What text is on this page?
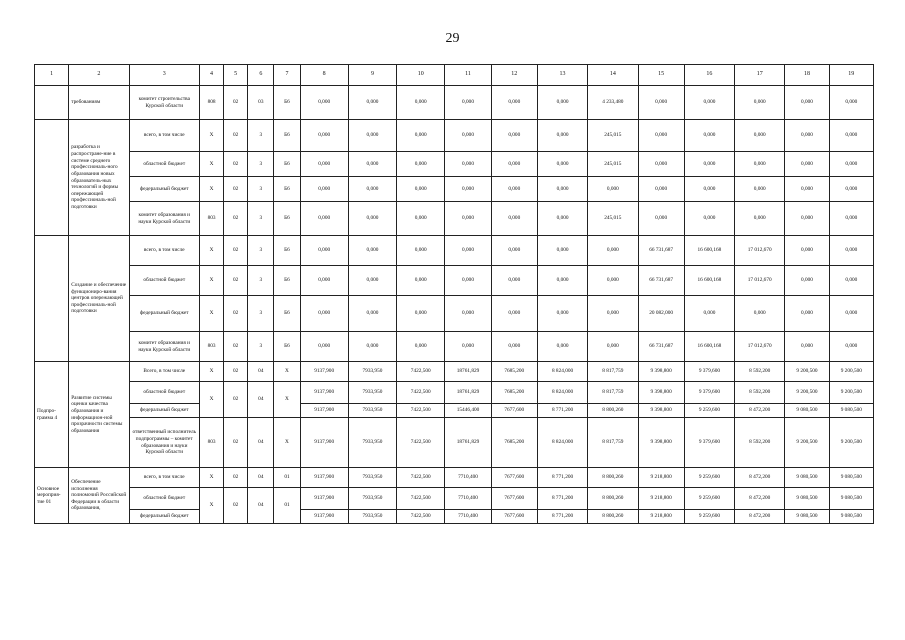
29
1	2	3	4	5	6	7	8	9	10	11	12	13	14	15	16	17	18	19
	требованиям	комитет строительства Курской области	808	02	03	Б6	0,000	0,000	0,000	0,000	0,000	0,000	4 233,480	0,000	0,000	0,000	0,000	0,000
	разработка и распростране-ние в системе среднего профессиональ-ного образования новых образователь-ных технологий и формы опережающей профессиональ-ной подготовки	всего, в том числе	Х	02	3	Б6	0,000	0,000	0,000	0,000	0,000	0,000	245,015	0,000	0,000	0,000	0,000	0,000
		областной бюджет	Х	02	3	Б6	0,000	0,000	0,000	0,000	0,000	0,000	245,015	0,000	0,000	0,000	0,000	0,000
		федеральный бюджет	Х	02	3	Б6	0,000	0,000	0,000	0,000	0,000	0,000	0,000	0,000	0,000	0,000	0,000	0,000
		комитет образования и науки Курской области	803	02	3	Б6	0,000	0,000	0,000	0,000	0,000	0,000	245,015	0,000	0,000	0,000	0,000	0,000
	Создание и обеспечение функциониро-вания центров опережающей профессиональ-ной подготовки	всего, в том числе	Х	02	3	Б6	0,000	0,000	0,000	0,000	0,000	0,000	0,000	66 731,687	16 600,168	17 012,670	0,000	0,000
		областной бюджет	Х	02	3	Б6	0,000	0,000	0,000	0,000	0,000	0,000	0,000	66 731,687	16 600,168	17 012,670	0,000	0,000
		федеральный бюджет	Х	02	3	Б6	0,000	0,000	0,000	0,000	0,000	0,000	0,000	20 082,000	0,000	0,000	0,000	0,000
		комитет образования и науки Курской области	803	02	3	Б6	0,000	0,000	0,000	0,000	0,000	0,000	0,000	66 731,687	16 600,168	17 012,670	0,000	0,000
Подпро-грамма 4	Развитие системы оценки качества образования и информацион-ной прозрачности системы образования	Всего, в том числе	Х	02	04	Х	9137,900	7933,950	7422,500	18761,829	7685,200	8 824,000	8 817,759	9 398,800	9 379,600	8 592,200	9 200,500	9 200,500
		областной бюджет	Х	02	04	Х	9137,900	7933,950	7422,500	18761,829	7685,200	8 824,000	8 817,759	9 398,800	9 379,600	8 592,200	9 200,500	9 200,500
		федеральный бюджет					9137,900	7933,950	7422,500	15446,400	7677,600	8 771,200	8 800,260	9 398,800	9 259,600	8 472,200	9 080,500	9 080,500
		ответственный исполнитель подпрограммы – комитет образования и науки Курской области	803	02	04	Х	9137,900	7933,950	7422,500	18761,829	7685,200	8 824,000	8 817,759	9 398,800	9 379,600	8 592,200	9 200,500	9 200,500
Основное мероприя-тие 01	Обеспечение исполнения полномочий Российской Федерации в области образования,	всего, в том числе	Х	02	04	01	9137,900	7933,950	7422,500	7710,400	7677,600	8 771,200	8 800,260	9 218,800	9 259,600	8 472,200	9 080,500	9 080,500
		областной бюджет	Х	02	04	01	9137,900	7933,950	7422,500	7710,400	7677,600	8 771,200	8 800,260	9 218,800	9 259,600	8 472,200	9 080,500	9 080,500
		федеральный бюджет					9137,900	7933,950	7422,500	7710,400	7677,600	8 771,200	8 800,260	9 218,800	9 259,600	8 472,200	9 080,500	9 080,500
